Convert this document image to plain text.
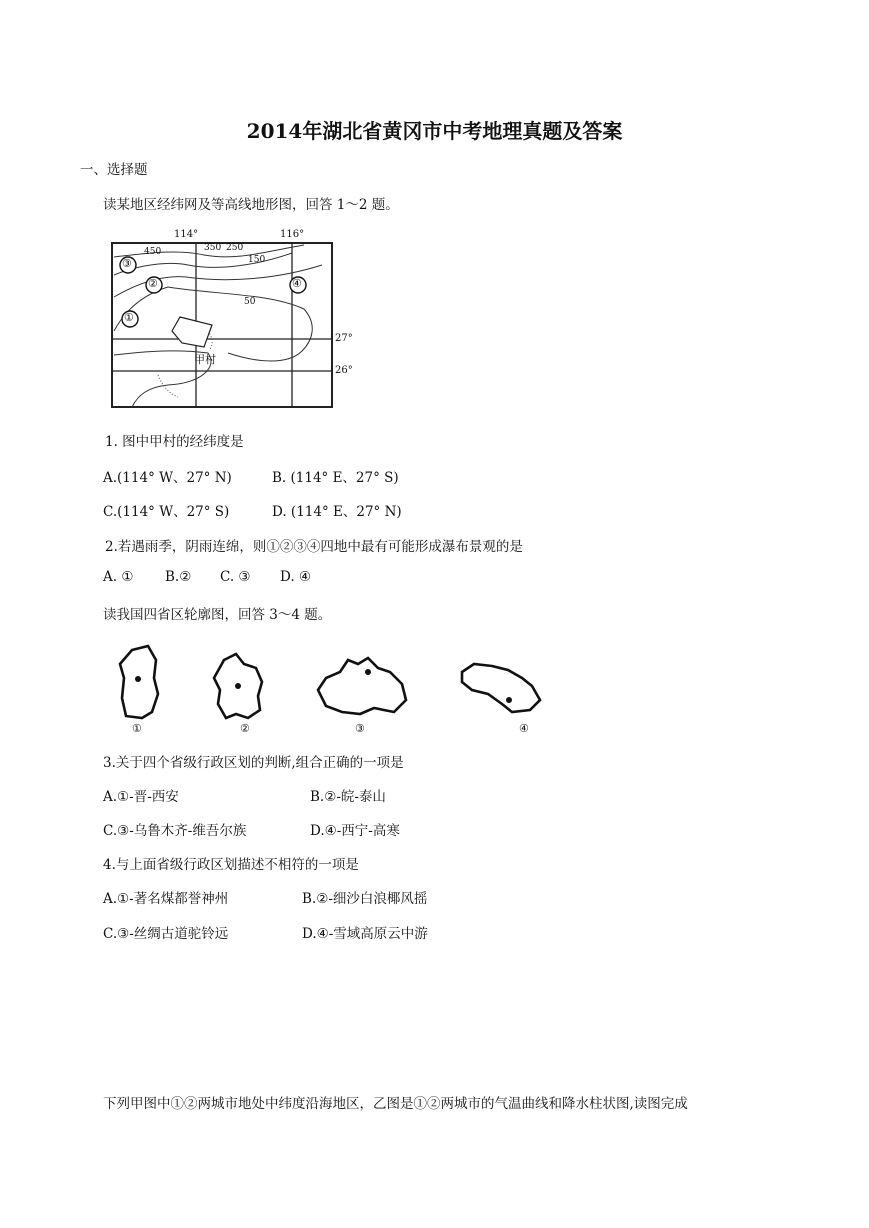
2014年湖北省黄冈市中考地理真题及答案
一、选择题
读某地区经纬网及等高线地形图，回答 1～2 题。
114°	116°
27°
26°
450	350 250
150
50
③
②
①
④
甲村
1. 图中甲村的经纬度是
A.(114° W、27° N)	B. (114° E、27° S)
C.(114° W、27° S)	D. (114° E、27° N)
2.若遇雨季，阴雨连绵，则①②③④四地中最有可能形成瀑布景观的是
A. ① B.② C. ③ D. ④
读我国四省区轮廓图，回答 3～4 题。
①	②	③	④
3.关于四个省级行政区划的判断,组合正确的一项是
A.①-晋-西安	B.②-皖-泰山
C.③-乌鲁木齐-维吾尔族	D.④-西宁-高寒
4.与上面省级行政区划描述不相符的一项是
A.①-著名煤都誉神州	B.②-细沙白浪椰风摇
C.③-丝绸古道驼铃远	D.④-雪域高原云中游
下列甲图中①②两城市地处中纬度沿海地区，乙图是①②两城市的气温曲线和降水柱状图,读图完成
